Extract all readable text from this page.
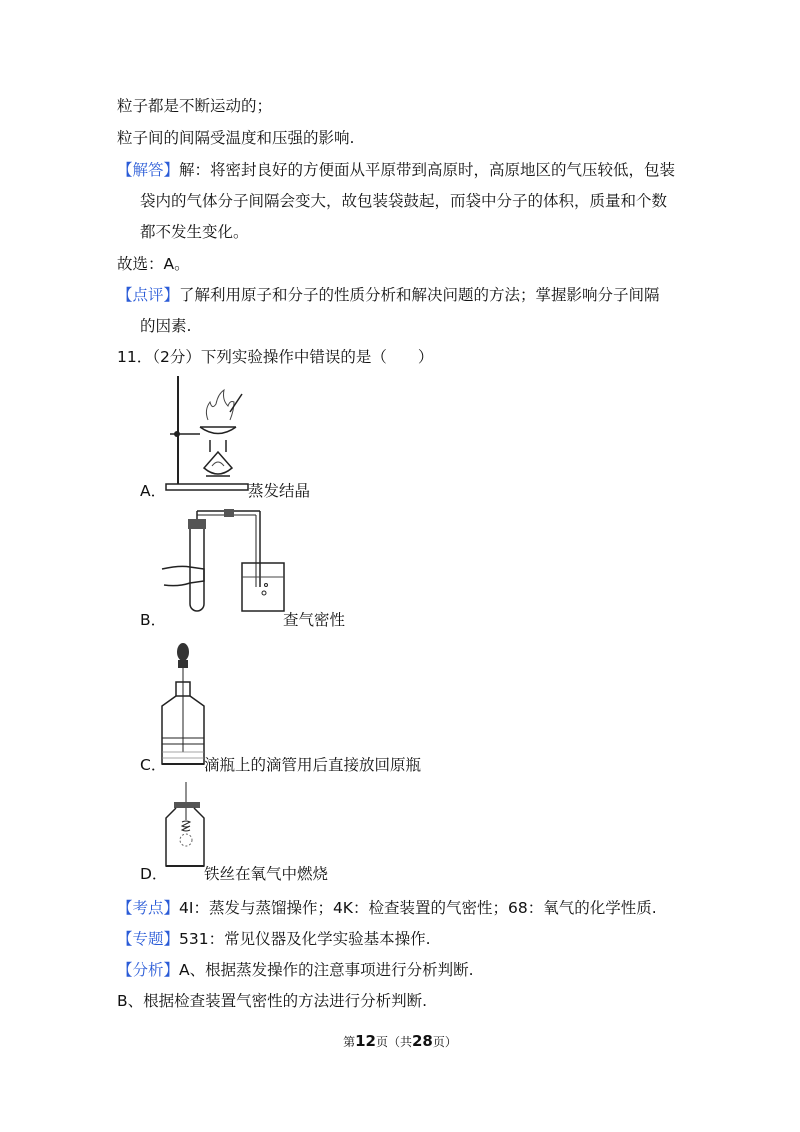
粒子都是不断运动的；
粒子间的间隔受温度和压强的影响.
【解答】解：将密封良好的方便面从平原带到高原时，高原地区的气压较低，包装
袋内的气体分子间隔会变大，故包装袋鼓起，而袋中分子的体积，质量和个数
都不发生变化。
故选：A。
【点评】了解利用原子和分子的性质分析和解决问题的方法；掌握影响分子间隔
的因素.
11．（2分）下列实验操作中错误的是（　　）
A．	蒸发结晶
B．	查气密性
C． 滴瓶上的滴管用后直接放回原瓶
D． 铁丝在氧气中燃烧
【考点】4I：蒸发与蒸馏操作；4K：检查装置的气密性；68：氧气的化学性质.
【专题】531：常见仪器及化学实验基本操作.
【分析】A、根据蒸发操作的注意事项进行分析判断.
B、根据检查装置气密性的方法进行分析判断.
第12页（共28页）
